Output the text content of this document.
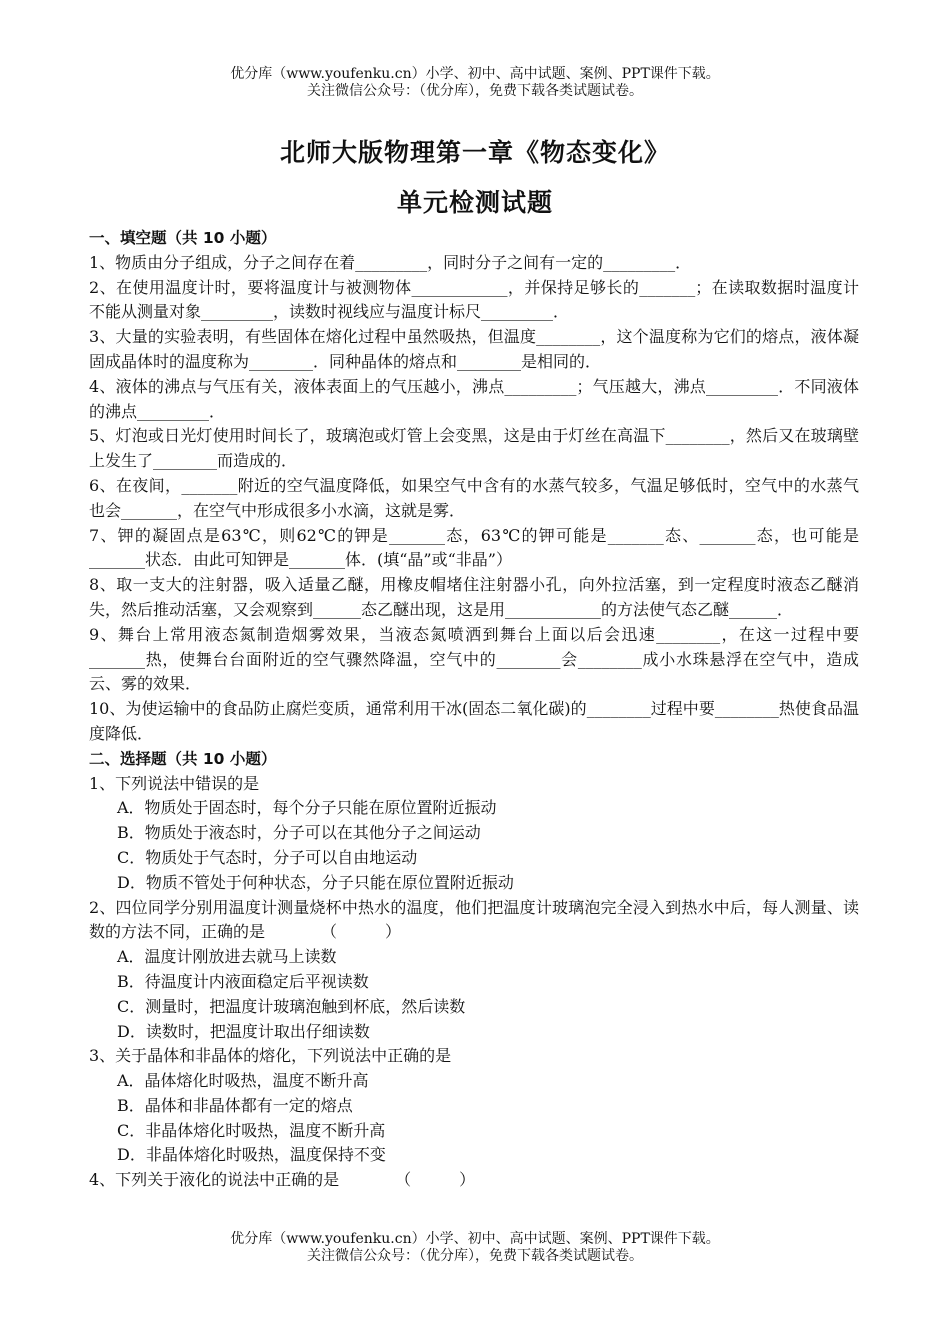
优分库（www.youfenku.cn）小学、初中、高中试题、案例、PPT课件下载。
关注微信公众号：（优分库），免费下载各类试题试卷。
北师大版物理第一章《物态变化》
单元检测试题

一、填空题（共 10 小题）

1、物质由分子组成，分子之间存在着_________，同时分子之间有一定的_________．

2、在使用温度计时，要将温度计与被测物体____________，并保持足够长的_______；在读取数据时温度计不能从测量对象_________，读数时视线应与温度计标尺_________．

3、大量的实验表明，有些固体在熔化过程中虽然吸热，但温度________，这个温度称为它们的熔点，液体凝固成晶体时的温度称为________．同种晶体的熔点和________是相同的．

4、液体的沸点与气压有关，液体表面上的气压越小，沸点_________；气压越大，沸点_________．不同液体的沸点_________．

5、灯泡或日光灯使用时间长了，玻璃泡或灯管上会变黑，这是由于灯丝在高温下________，然后又在玻璃壁上发生了________而造成的．

6、在夜间，_______附近的空气温度降低，如果空气中含有的水蒸气较多，气温足够低时，空气中的水蒸气也会_______，在空气中形成很多小水滴，这就是雾．

7、钾的凝固点是63℃，则62℃的钾是_______态，63℃的钾可能是_______态、_______态，也可能是_______状态．由此可知钾是_______体．(填“晶”或“非晶”）

8、取一支大的注射器，吸入适量乙醚，用橡皮帽堵住注射器小孔，向外拉活塞，到一定程度时液态乙醚消失，然后推动活塞，又会观察到______态乙醚出现，这是用____________的方法使气态乙醚______．

9、舞台上常用液态氮制造烟雾效果，当液态氮喷洒到舞台上面以后会迅速________，在这一过程中要_______热，使舞台台面附近的空气骤然降温，空气中的________会________成小水珠悬浮在空气中，造成云、雾的效果．

10、为使运输中的食品防止腐烂变质，通常利用干冰(固态二氧化碳)的________过程中要________热使食品温度降低．

二、选择题（共 10 小题）

1、下列说法中错误的是

A．物质处于固态时，每个分子只能在原位置附近振动

B．物质处于液态时，分子可以在其他分子之间运动

C．物质处于气态时，分子可以自由地运动

D．物质不管处于何种状态，分子只能在原位置附近振动

2、四位同学分别用温度计测量烧杯中热水的温度，他们把温度计玻璃泡完全浸入到热水中后，每人测量、读数的方法不同，正确的是　　　　（　　　）

A．温度计刚放进去就马上读数

B．待温度计内液面稳定后平视读数

C．测量时，把温度计玻璃泡触到杯底，然后读数

D．读数时，把温度计取出仔细读数

3、关于晶体和非晶体的熔化，下列说法中正确的是

A．晶体熔化时吸热，温度不断升高

B．晶体和非晶体都有一定的熔点

C．非晶体熔化时吸热，温度不断升高

D．非晶体熔化时吸热，温度保持不变

4、下列关于液化的说法中正确的是　　　　（　　　）

优分库（www.youfenku.cn）小学、初中、高中试题、案例、PPT课件下载。
关注微信公众号：（优分库），免费下载各类试题试卷。
